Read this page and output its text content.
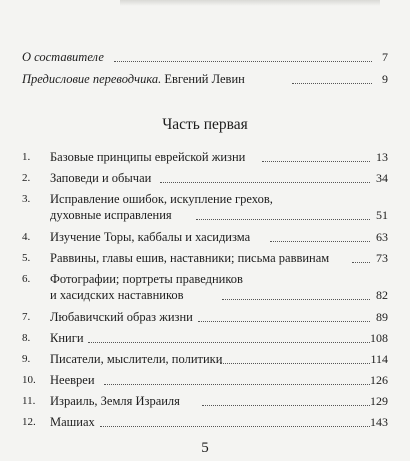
О составителе	7
Предисловие переводчика. Евгений Левин	9
Часть первая
1.	Базовые принципы еврейской жизни	13
2.	Заповеди и обычаи	34
3.	Исправление ошибок, искупление грехов,
духовные исправления	51
4.	Изучение Торы, каббалы и хасидизма	63
5.	Раввины, главы ешив, наставники; письма раввинам	73
6.	Фотографии; портреты праведников
и хасидских наставников	82
7.	Любавичский образ жизни	89
8.	Книги	108
9.	Писатели, мыслители, политики	114
10.	Неевреи	126
11.	Израиль, Земля Израиля	129
12.	Машиах	143
5
